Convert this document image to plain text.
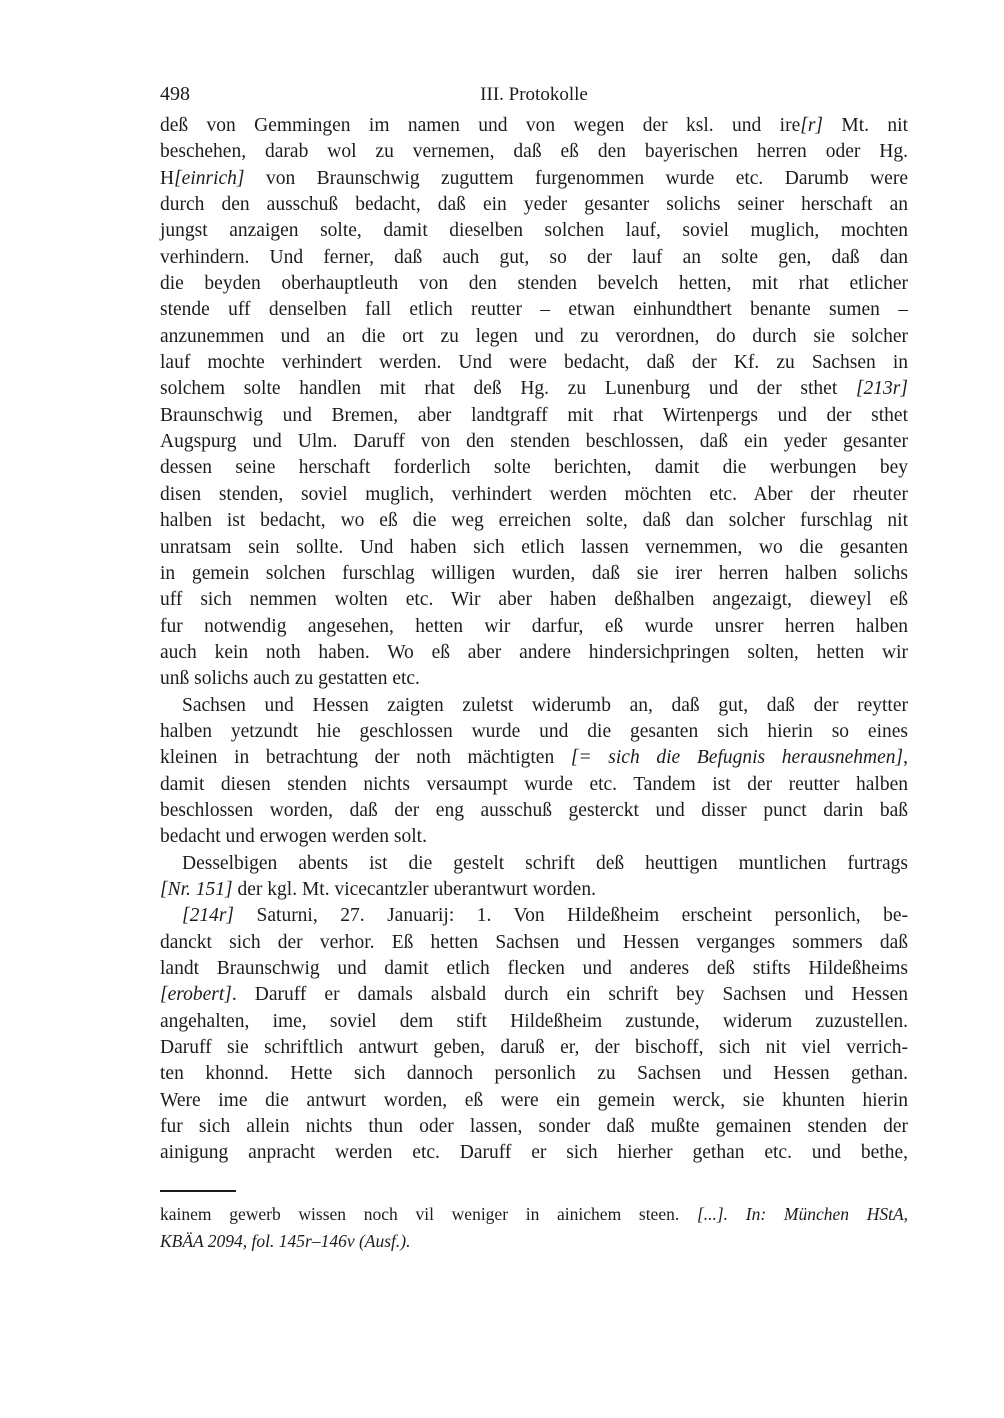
498	III. Protokolle
deß von Gemmingen im namen und von wegen der ksl. und ire[r] Mt. nit
beschehen, darab wol zu vernemen, daß eß den bayerischen herren oder Hg.
H[einrich] von Braunschwig zuguttem furgenommen wurde etc. Darumb were
durch den ausschuß bedacht, daß ein yeder gesanter solichs seiner herschaft an
jungst anzaigen solte, damit dieselben solchen lauf, soviel muglich, mochten
verhindern. Und ferner, daß auch gut, so der lauf an solte gen, daß dan
die beyden oberhauptleuth von den stenden bevelch hetten, mit rhat etlicher
stende uff denselben fall etlich reutter – etwan einhundthert benante sumen –
anzunemmen und an die ort zu legen und zu verordnen, do durch sie solcher
lauf mochte verhindert werden. Und were bedacht, daß der Kf. zu Sachsen in
solchem solte handlen mit rhat deß Hg. zu Lunenburg und der sthet [213r]
Braunschwig und Bremen, aber landtgraff mit rhat Wirtenpergs und der sthet
Augspurg und Ulm. Daruff von den stenden beschlossen, daß ein yeder gesanter
dessen seine herschaft forderlich solte berichten, damit die werbungen bey
disen stenden, soviel muglich, verhindert werden möchten etc. Aber der rheuter
halben ist bedacht, wo eß die weg erreichen solte, daß dan solcher furschlag nit
unratsam sein sollte. Und haben sich etlich lassen vernemmen, wo die gesanten
in gemein solchen furschlag willigen wurden, daß sie irer herren halben solichs
uff sich nemmen wolten etc. Wir aber haben deßhalben angezaigt, dieweyl eß
fur notwendig angesehen, hetten wir darfur, eß wurde unsrer herren halben
auch kein noth haben. Wo eß aber andere hindersichpringen solten, hetten wir
unß solichs auch zu gestatten etc.
Sachsen und Hessen zaigten zuletst widerumb an, daß gut, daß der reytter
halben yetzundt hie geschlossen wurde und die gesanten sich hierin so eines
kleinen in betrachtung der noth mächtigten [= sich die Befugnis herausnehmen],
damit diesen stenden nichts versaumpt wurde etc. Tandem ist der reutter halben
beschlossen worden, daß der eng ausschuß gesterckt und disser punct darin baß
bedacht und erwogen werden solt.
Desselbigen abents ist die gestelt schrift deß heuttigen muntlichen furtrags
[Nr. 151] der kgl. Mt. vicecantzler uberantwurt worden.
[214r] Saturni, 27. Januarij: 1. Von Hildeßheim erscheint personlich, be-
danckt sich der verhor. Eß hetten Sachsen und Hessen verganges sommers daß
landt Braunschwig und damit etlich flecken und anderes deß stifts Hildeßheims
[erobert]. Daruff er damals alsbald durch ein schrift bey Sachsen und Hessen
angehalten, ime, soviel dem stift Hildeßheim zustunde, widerum zuzustellen.
Daruff sie schriftlich antwurt geben, daruß er, der bischoff, sich nit viel verrich-
ten khonnd. Hette sich dannoch personlich zu Sachsen und Hessen gethan.
Were ime die antwurt worden, eß were ein gemein werck, sie khunten hierin
fur sich allein nichts thun oder lassen, sonder daß mußte gemainen stenden der
ainigung anpracht werden etc. Daruff er sich hierher gethan etc. und bethe,
kainem gewerb wissen noch vil weniger in ainichem steen. [...]. In: München HStA,
KBÄA 2094, fol. 145r–146v (Ausf.).
